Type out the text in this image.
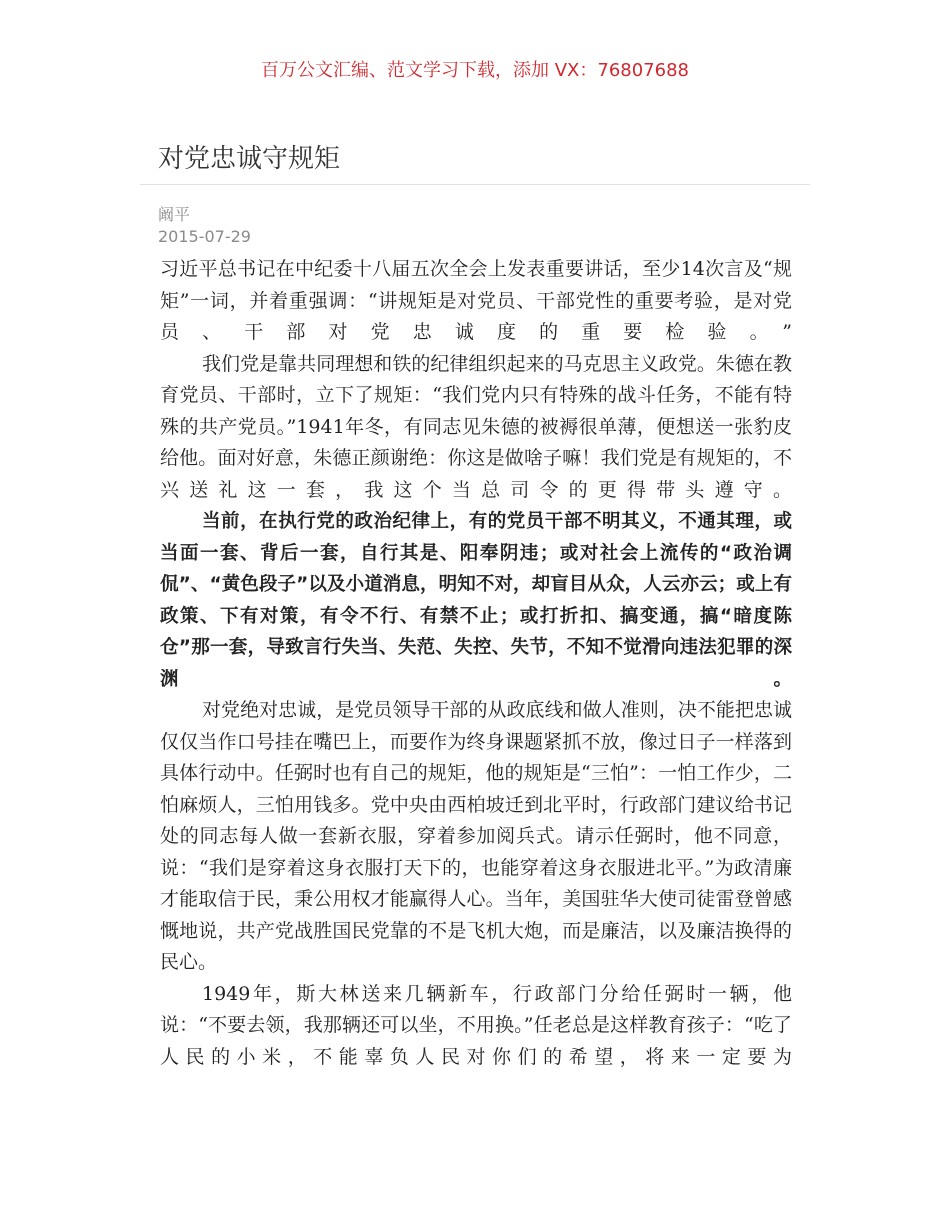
百万公文汇编、范文学习下载，添加 VX：76807688
对党忠诚守规矩
阚平
2015-07-29

习近平总书记在中纪委十八届五次全会上发表重要讲话，至少14次言及“规矩”一词，并着重强调：“讲规矩是对党员、干部党性的重要考验，是对党员、干部对党忠诚度的重要检验。”

我们党是靠共同理想和铁的纪律组织起来的马克思主义政党。朱德在教育党员、干部时，立下了规矩：“我们党内只有特殊的战斗任务，不能有特殊的共产党员。”1941年冬，有同志见朱德的被褥很单薄，便想送一张豹皮给他。面对好意，朱德正颜谢绝：你这是做啥子嘛！我们党是有规矩的，不兴送礼这一套，我这个当总司令的更得带头遵守。

当前，在执行党的政治纪律上，有的党员干部不明其义，不通其理，或当面一套、背后一套，自行其是、阳奉阴违；或对社会上流传的“政治调侃”、“黄色段子”以及小道消息，明知不对，却盲目从众，人云亦云；或上有政策、下有对策，有令不行、有禁不止；或打折扣、搞变通，搞“暗度陈仓”那一套，导致言行失当、失范、失控、失节，不知不觉滑向违法犯罪的深渊。

对党绝对忠诚，是党员领导干部的从政底线和做人准则，决不能把忠诚仅仅当作口号挂在嘴巴上，而要作为终身课题紧抓不放，像过日子一样落到具体行动中。任弼时也有自己的规矩，他的规矩是“三怕”：一怕工作少，二怕麻烦人，三怕用钱多。党中央由西柏坡迁到北平时，行政部门建议给书记处的同志每人做一套新衣服，穿着参加阅兵式。请示任弼时，他不同意，说：“我们是穿着这身衣服打天下的，也能穿着这身衣服进北平。”为政清廉才能取信于民，秉公用权才能赢得人心。当年，美国驻华大使司徒雷登曾感慨地说，共产党战胜国民党靠的不是飞机大炮，而是廉洁，以及廉洁换得的民心。

1949年，斯大林送来几辆新车，行政部门分给任弼时一辆，他说：“不要去领，我那辆还可以坐，不用换。”任老总是这样教育孩子：“吃了人民的小米，不能辜负人民对你们的希望，将来一定要为
